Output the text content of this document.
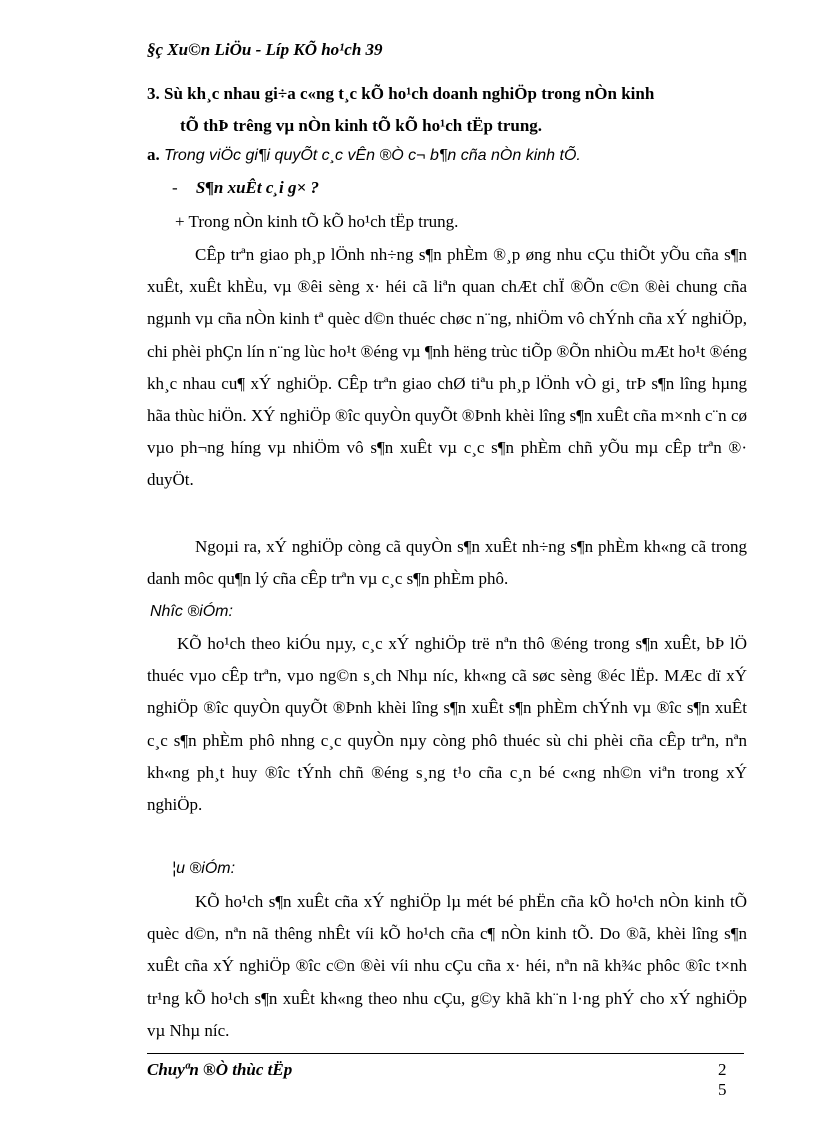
§ç Xu©n LiÖu - Líp KÕ ho¹ch 39
3. Sù kh¸c nhau gi÷a c«ng t¸c kÕ ho¹ch doanh nghiÖp trong nÒn kinh
tÕ thÞ trêng vµ nÒn kinh tÕ kÕ ho¹ch tËp trung.
a. Trong viÖc gi¶i quyÕt c¸c vÊn ®Ò c¬ b¶n cña nÒn kinh tÕ.
- S¶n xuÊt c¸i g× ?
+ Trong nÒn kinh tÕ kÕ ho¹ch tËp trung.
CÊp trªn giao ph¸p lÖnh nh÷ng s¶n phÈm ®¸p øng nhu cÇu thiÕt yÕu cña s¶n xuÊt, xuÊt khÈu, vµ ®êi sèng x· héi cã liªn quan chÆt chÏ ®Õn c©n ®èi chung cña ngµnh vµ cña nÒn kinh tª quèc d©n thuéc chøc n¨ng, nhiÖm vô chÝnh cña xÝ nghiÖp, chi phèi phÇn lín n¨ng lùc ho¹t ®éng vµ ¶nh hëng trùc tiÕp ®Õn nhiÒu mÆt ho¹t ®éng kh¸c nhau cu¶ xÝ nghiÖp. CÊp trªn giao chØ tiªu ph¸p lÖnh vÒ gi¸ trÞ s¶n lîng hµng hãa thùc hiÖn. XÝ nghiÖp ®îc quyÒn quyÕt ®Þnh khèi lîng s¶n xuÊt cña m×nh c¨n cø vµo ph¬ng híng vµ nhiÖm vô s¶n xuÊt vµ c¸c s¶n phÈm chñ yÕu mµ cÊp trªn ®· duyÖt.
Ngoµi ra, xÝ nghiÖp còng cã quyÒn s¶n xuÊt nh÷ng s¶n phÈm kh«ng cã trong danh môc qu¶n lý cña cÊp trªn vµ c¸c s¶n phÈm phô.
Nhîc ®iÓm:
KÕ ho¹ch theo kiÓu nµy, c¸c xÝ nghiÖp trë nªn thô ®éng trong s¶n xuÊt, bÞ lÖ thuéc vµo cÊp trªn, vµo ng©n s¸ch Nhµ níc, kh«ng cã søc sèng ®éc lËp. MÆc dï xÝ nghiÖp ®îc quyÒn quyÕt ®Þnh khèi lîng s¶n xuÊt s¶n phÈm chÝnh vµ ®îc s¶n xuÊt c¸c s¶n phÈm phô nhng c¸c quyÒn nµy còng phô thuéc sù chi phèi cña cÊp trªn, nªn kh«ng ph¸t huy ®îc tÝnh chñ ®éng s¸ng t¹o cña c¸n bé c«ng nh©n viªn trong xÝ nghiÖp.
¦u ®iÓm:
KÕ ho¹ch s¶n xuÊt cña xÝ nghiÖp lµ mét bé phËn cña kÕ ho¹ch nÒn kinh tÕ quèc d©n, nªn nã thêng nhÊt víi kÕ ho¹ch cña c¶ nÒn kinh tÕ. Do ®ã, khèi lîng s¶n xuÊt cña xÝ nghiÖp ®îc c©n ®èi víi nhu cÇu cña x· héi, nªn nã kh¾c phôc ®îc t×nh tr¹ng kÕ ho¹ch s¶n xuÊt kh«ng theo nhu cÇu, g©y khã kh¨n l·ng phÝ cho xÝ nghiÖp vµ Nhµ níc.
Chuyªn ®Ò thùc tËp	2
5
